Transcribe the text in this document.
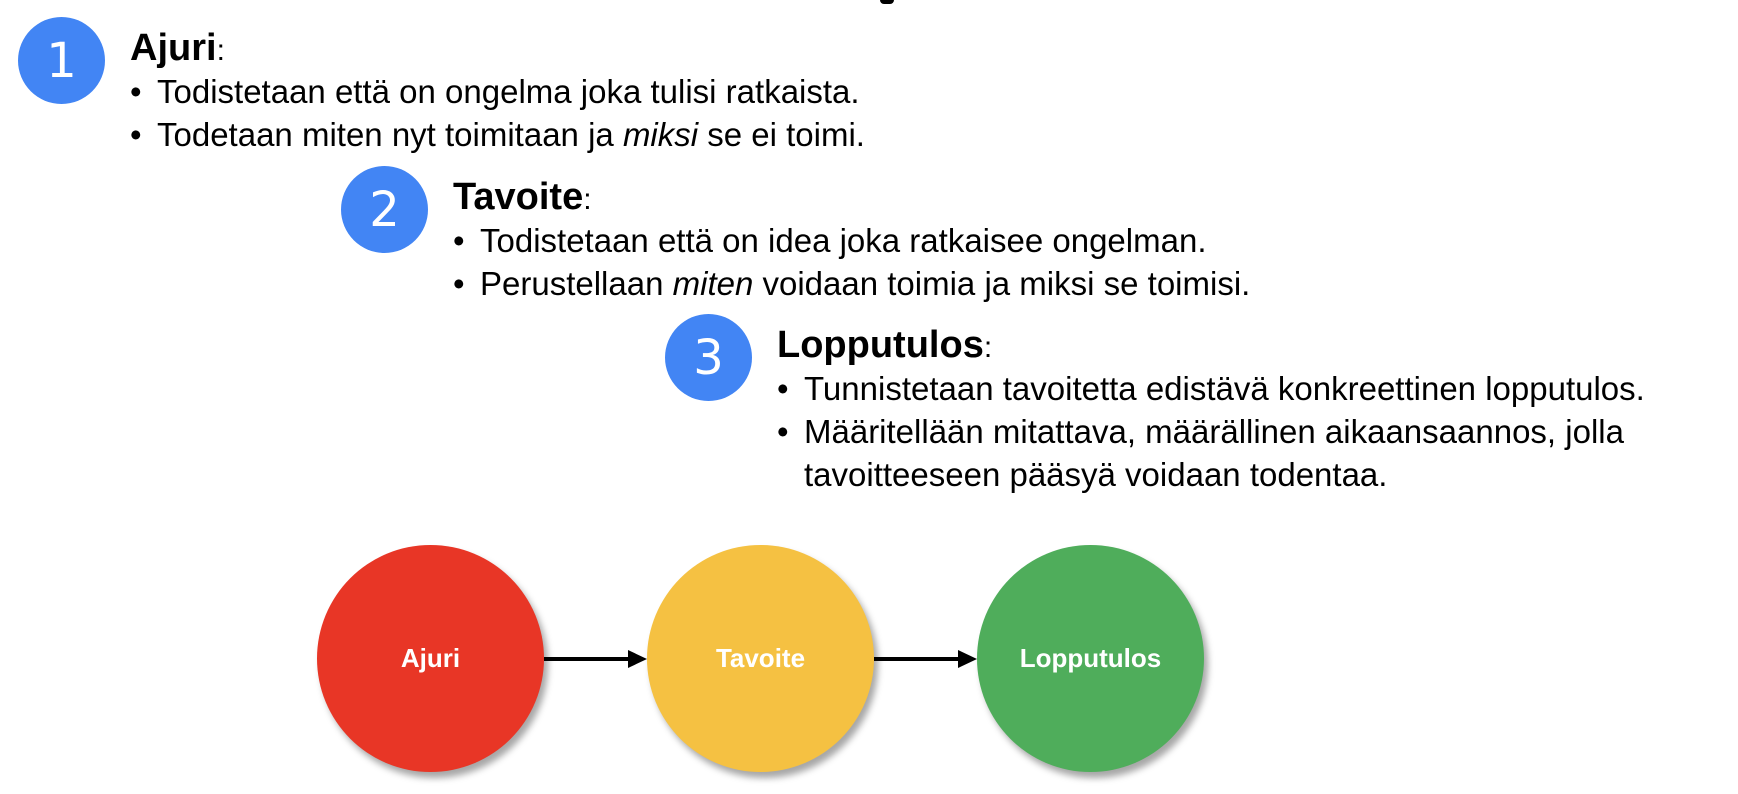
1	Ajuri:
• Todistetaan että on ongelma joka tulisi ratkaista.
• Todetaan miten nyt toimitaan ja miksi se ei toimi.
2	Tavoite:
• Todistetaan että on idea joka ratkaisee ongelman.
• Perustellaan miten voidaan toimia ja miksi se toimisi.
3	Lopputulos:
• Tunnistetaan tavoitetta edistävä konkreettinen lopputulos.
• Määritellään mitattava, määrällinen aikaansaannos, jolla
tavoitteeseen pääsyä voidaan todentaa.
Ajuri	Tavoite	Lopputulos
